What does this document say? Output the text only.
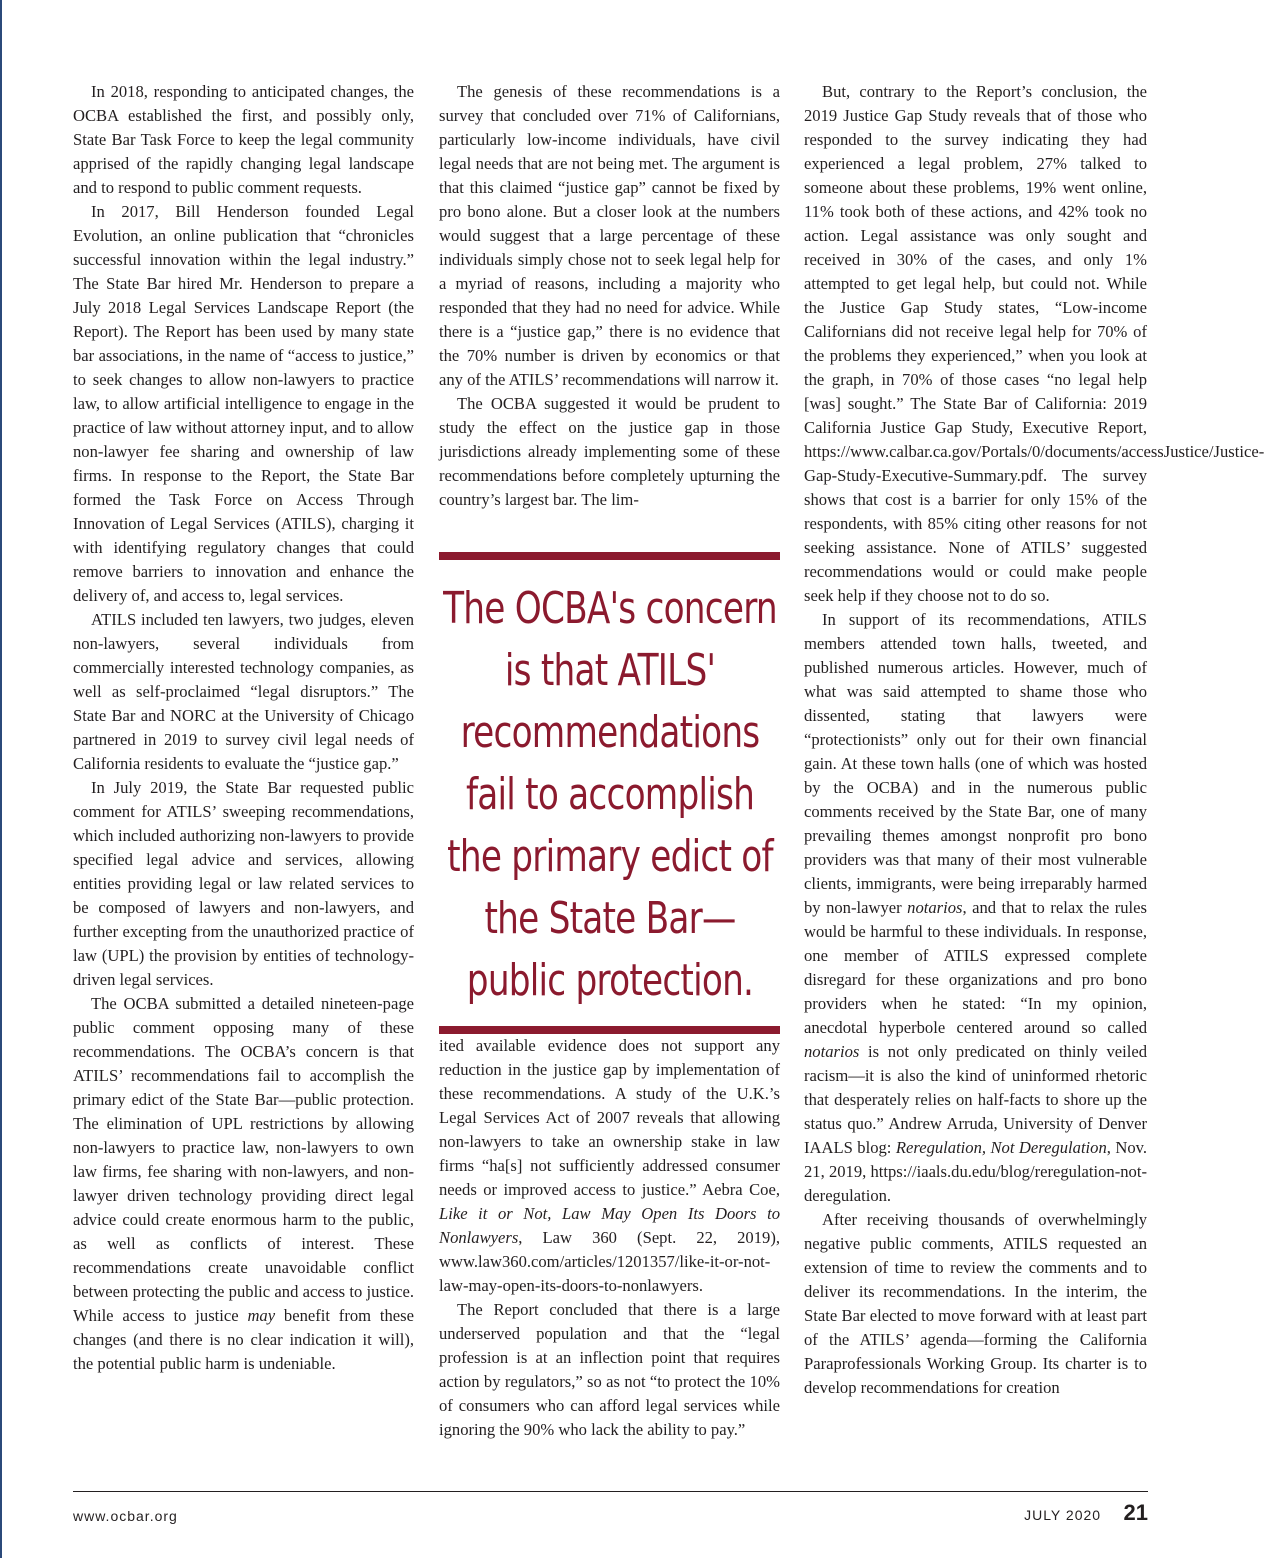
In 2018, responding to anticipated changes, the OCBA established the first, and possibly only, State Bar Task Force to keep the legal community apprised of the rapidly changing legal landscape and to respond to public comment requests.

In 2017, Bill Henderson founded Legal Evolution, an online publication that “chronicles successful innovation within the legal industry.” The State Bar hired Mr. Henderson to prepare a July 2018 Legal Services Landscape Report (the Report). The Report has been used by many state bar associations, in the name of “access to justice,” to seek changes to allow non-lawyers to practice law, to allow artificial intelligence to engage in the practice of law without attorney input, and to allow non-lawyer fee sharing and ownership of law firms. In response to the Report, the State Bar formed the Task Force on Access Through Innovation of Legal Services (ATILS), charging it with identifying regulatory changes that could remove barriers to innovation and enhance the delivery of, and access to, legal services.

ATILS included ten lawyers, two judges, eleven non-lawyers, several individuals from commercially interested technology companies, as well as self-proclaimed “legal disruptors.” The State Bar and NORC at the University of Chicago partnered in 2019 to survey civil legal needs of California residents to evaluate the “justice gap.”

In July 2019, the State Bar requested public comment for ATILS’ sweeping recommendations, which included authorizing non-lawyers to provide specified legal advice and services, allowing entities providing legal or law related services to be composed of lawyers and non-lawyers, and further excepting from the unauthorized practice of law (UPL) the provision by entities of technology-driven legal services.

The OCBA submitted a detailed nineteen-page public comment opposing many of these recommendations. The OCBA’s concern is that ATILS’ recommendations fail to accomplish the primary edict of the State Bar—public protection. The elimination of UPL restrictions by allowing non-lawyers to practice law, non-lawyers to own law firms, fee sharing with non-lawyers, and non-lawyer driven technology providing direct legal advice could create enormous harm to the public, as well as conflicts of interest. These recommendations create unavoidable conflict between protecting the public and access to justice. While access to justice may benefit from these changes (and there is no clear indication it will), the potential public harm is undeniable.

The genesis of these recommendations is a survey that concluded over 71% of Californians, particularly low-income individuals, have civil legal needs that are not being met. The argument is that this claimed “justice gap” cannot be fixed by pro bono alone. But a closer look at the numbers would suggest that a large percentage of these individuals simply chose not to seek legal help for a myriad of reasons, including a majority who responded that they had no need for advice. While there is a “justice gap,” there is no evidence that the 70% number is driven by economics or that any of the ATILS’ recommendations will narrow it.

The OCBA suggested it would be prudent to study the effect on the justice gap in those jurisdictions already implementing some of these recommendations before completely upturning the country’s largest bar. The lim-

The OCBA's concern is that ATILS' recommendations fail to accomplish the primary edict of the State Bar—public protection.

ited available evidence does not support any reduction in the justice gap by implementation of these recommendations. A study of the U.K.’s Legal Services Act of 2007 reveals that allowing non-lawyers to take an ownership stake in law firms “ha[s] not sufficiently addressed consumer needs or improved access to justice.” Aebra Coe, Like it or Not, Law May Open Its Doors to Nonlawyers, Law 360 (Sept. 22, 2019), www.law360.com/articles/1201357/like-it-or-not-law-may-open-its-doors-to-nonlawyers.

The Report concluded that there is a large underserved population and that the “legal profession is at an inflection point that requires action by regulators,” so as not “to protect the 10% of consumers who can afford legal services while ignoring the 90% who lack the ability to pay.”

But, contrary to the Report’s conclusion, the 2019 Justice Gap Study reveals that of those who responded to the survey indicating they had experienced a legal problem, 27% talked to someone about these problems, 19% went online, 11% took both of these actions, and 42% took no action. Legal assistance was only sought and received in 30% of the cases, and only 1% attempted to get legal help, but could not. While the Justice Gap Study states, “Low-income Californians did not receive legal help for 70% of the problems they experienced,” when you look at the graph, in 70% of those cases “no legal help [was] sought.” The State Bar of California: 2019 California Justice Gap Study, Executive Report, https://www.calbar.ca.gov/Portals/0/documents/accessJustice/Justice-Gap-Study-Executive-Summary.pdf. The survey shows that cost is a barrier for only 15% of the respondents, with 85% citing other reasons for not seeking assistance. None of ATILS’ suggested recommendations would or could make people seek help if they choose not to do so.

In support of its recommendations, ATILS members attended town halls, tweeted, and published numerous articles. However, much of what was said attempted to shame those who dissented, stating that lawyers were “protectionists” only out for their own financial gain. At these town halls (one of which was hosted by the OCBA) and in the numerous public comments received by the State Bar, one of many prevailing themes amongst nonprofit pro bono providers was that many of their most vulnerable clients, immigrants, were being irreparably harmed by non-lawyer notarios, and that to relax the rules would be harmful to these individuals. In response, one member of ATILS expressed complete disregard for these organizations and pro bono providers when he stated: “In my opinion, anecdotal hyperbole centered around so called notarios is not only predicated on thinly veiled racism—it is also the kind of uninformed rhetoric that desperately relies on half-facts to shore up the status quo.” Andrew Arruda, University of Denver IAALS blog: Reregulation, Not Deregulation, Nov. 21, 2019, https://iaals.du.edu/blog/reregulation-not-deregulation.

After receiving thousands of overwhelmingly negative public comments, ATILS requested an extension of time to review the comments and to deliver its recommendations. In the interim, the State Bar elected to move forward with at least part of the ATILS’ agenda—forming the California Paraprofessionals Working Group. Its charter is to develop recommendations for creation

www.ocbar.org	JULY 2020 21
